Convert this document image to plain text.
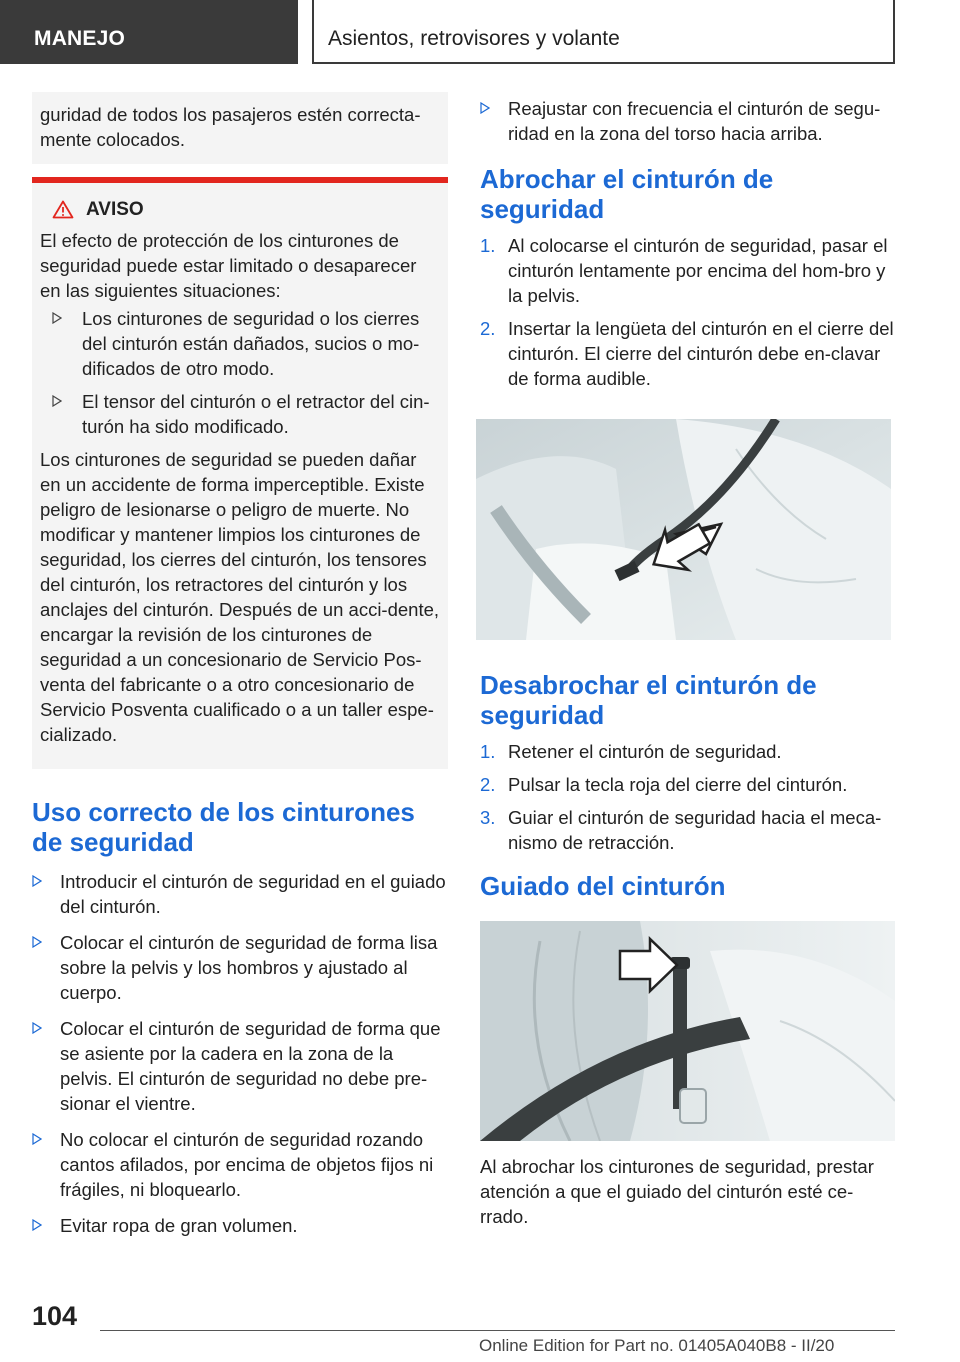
MANEJO	Asientos, retrovisores y volante

guridad de todos los pasajeros estén correcta-mente colocados.

AVISO

El efecto de protección de los cinturones de seguridad puede estar limitado o desaparecer en las siguientes situaciones:

Los cinturones de seguridad o los cierres del cinturón están dañados, sucios o mo-dificados de otro modo.
El tensor del cinturón o el retractor del cin-turón ha sido modificado.

Los cinturones de seguridad se pueden dañar en un accidente de forma imperceptible. Existe peligro de lesionarse o peligro de muerte. No modificar y mantener limpios los cinturones de seguridad, los cierres del cinturón, los tensores del cinturón, los retractores del cinturón y los anclajes del cinturón. Después de un acci-dente, encargar la revisión de los cinturones de seguridad a un concesionario de Servicio Pos-venta del fabricante o a otro concesionario de Servicio Posventa cualificado o a un taller espe-cializado.

Uso correcto de los cinturones de seguridad
Introducir el cinturón de seguridad en el guiado del cinturón.
Colocar el cinturón de seguridad de forma lisa sobre la pelvis y los hombros y ajustado al cuerpo.
Colocar el cinturón de seguridad de forma que se asiente por la cadera en la zona de la pelvis. El cinturón de seguridad no debe pre-sionar el vientre.
No colocar el cinturón de seguridad rozando cantos afilados, por encima de objetos fijos ni frágiles, ni bloquearlo.
Evitar ropa de gran volumen.
Reajustar con frecuencia el cinturón de segu-ridad en la zona del torso hacia arriba.
Abrochar el cinturón de seguridad
1. Al colocarse el cinturón de seguridad, pasar el cinturón lentamente por encima del hom-bro y la pelvis.
2. Insertar la lengüeta del cinturón en el cierre del cinturón. El cierre del cinturón debe en-clavar de forma audible.
Desabrochar el cinturón de seguridad
1. Retener el cinturón de seguridad.
2. Pulsar la tecla roja del cierre del cinturón.
3. Guiar el cinturón de seguridad hacia el meca-nismo de retracción.
Guiado del cinturón

Al abrochar los cinturones de seguridad, prestar atención a que el guiado del cinturón esté ce-rrado.

104
Online Edition for Part no. 01405A040B8 - II/20
